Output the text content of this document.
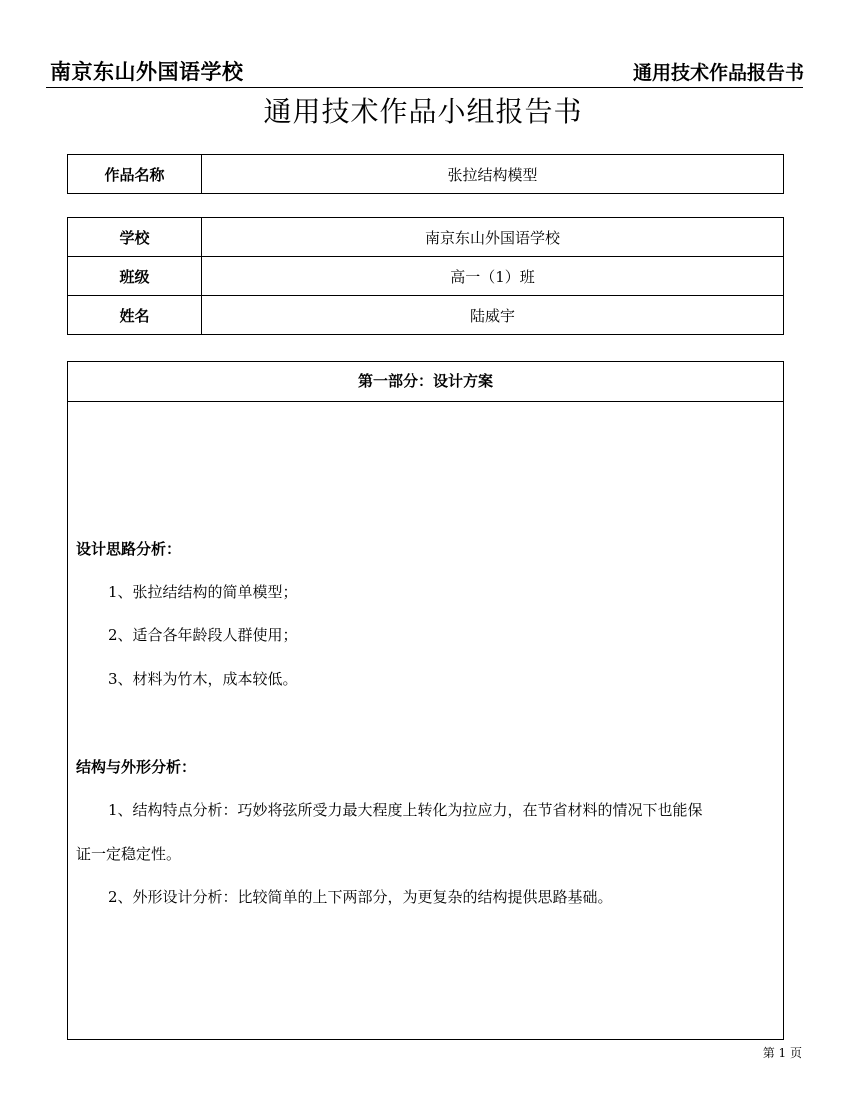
南京东山外国语学校	通用技术作品报告书
通用技术作品小组报告书
作品名称	张拉结构模型
学校	南京东山外国语学校
班级	高一（1）班
姓名	陆威宇
第一部分：设计方案
设计思路分析：
1、张拉结结构的简单模型；
2、适合各年龄段人群使用；
3、材料为竹木，成本较低。
结构与外形分析：
1、结构特点分析：巧妙将弦所受力最大程度上转化为拉应力，在节省材料的情况下也能保
证一定稳定性。
2、外形设计分析：比较简单的上下两部分，为更复杂的结构提供思路基础。
第 1 页
